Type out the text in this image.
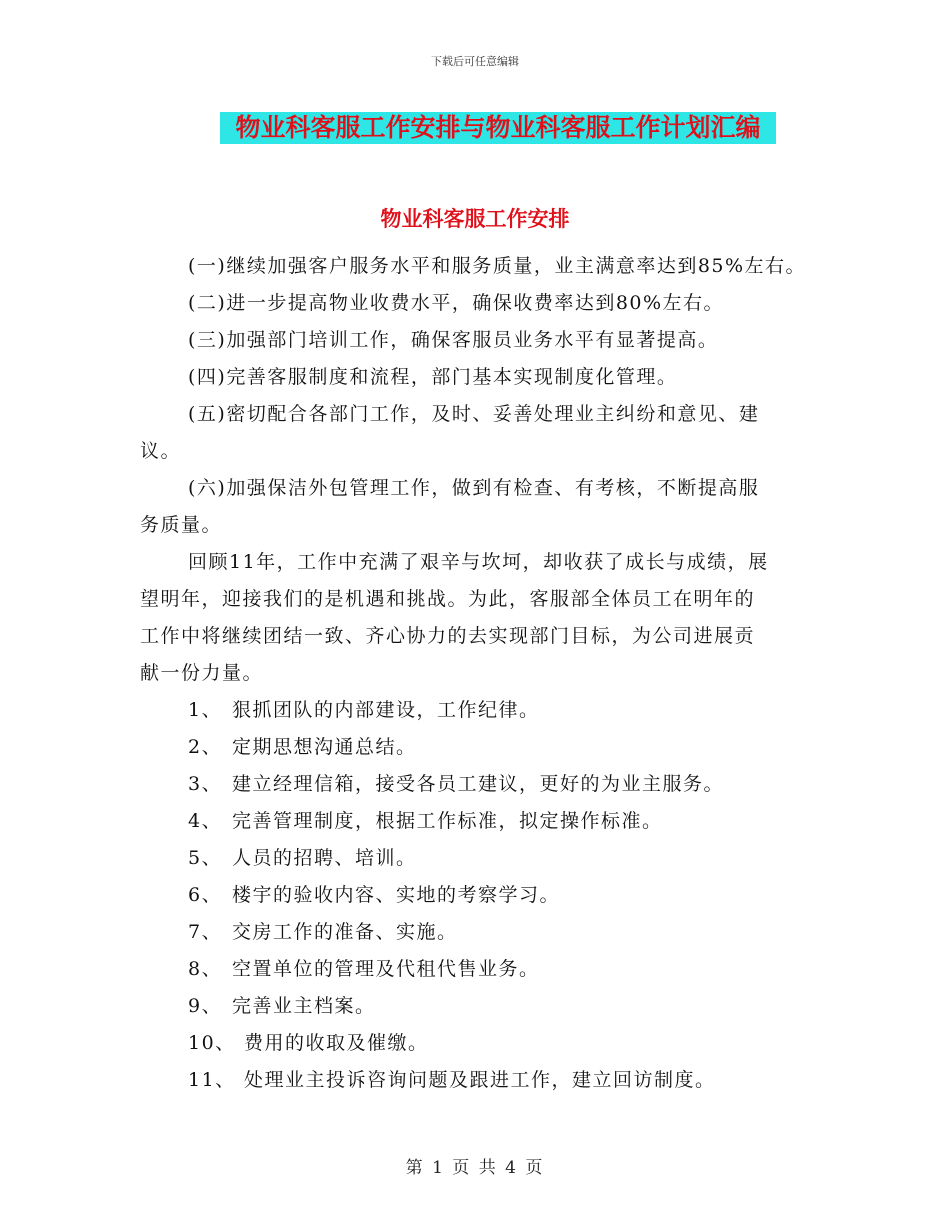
下载后可任意编辑
物业科客服工作安排与物业科客服工作计划汇编
物业科客服工作安排
(一)继续加强客户服务水平和服务质量，业主满意率达到85%左右。
(二)进一步提高物业收费水平，确保收费率达到80%左右。
(三)加强部门培训工作，确保客服员业务水平有显著提高。
(四)完善客服制度和流程，部门基本实现制度化管理。
(五)密切配合各部门工作，及时、妥善处理业主纠纷和意见、建
议。
(六)加强保洁外包管理工作，做到有检查、有考核，不断提高服
务质量。
回顾11年，工作中充满了艰辛与坎坷，却收获了成长与成绩，展
望明年，迎接我们的是机遇和挑战。为此，客服部全体员工在明年的
工作中将继续团结一致、齐心协力的去实现部门目标，为公司进展贡
献一份力量。
1、 狠抓团队的内部建设，工作纪律。
2、 定期思想沟通总结。
3、 建立经理信箱，接受各员工建议，更好的为业主服务。
4、 完善管理制度，根据工作标准，拟定操作标准。
5、 人员的招聘、培训。
6、 楼宇的验收内容、实地的考察学习。
7、 交房工作的准备、实施。
8、 空置单位的管理及代租代售业务。
9、 完善业主档案。
10、 费用的收取及催缴。
11、 处理业主投诉咨询问题及跟进工作，建立回访制度。
第 1 页 共 4 页
